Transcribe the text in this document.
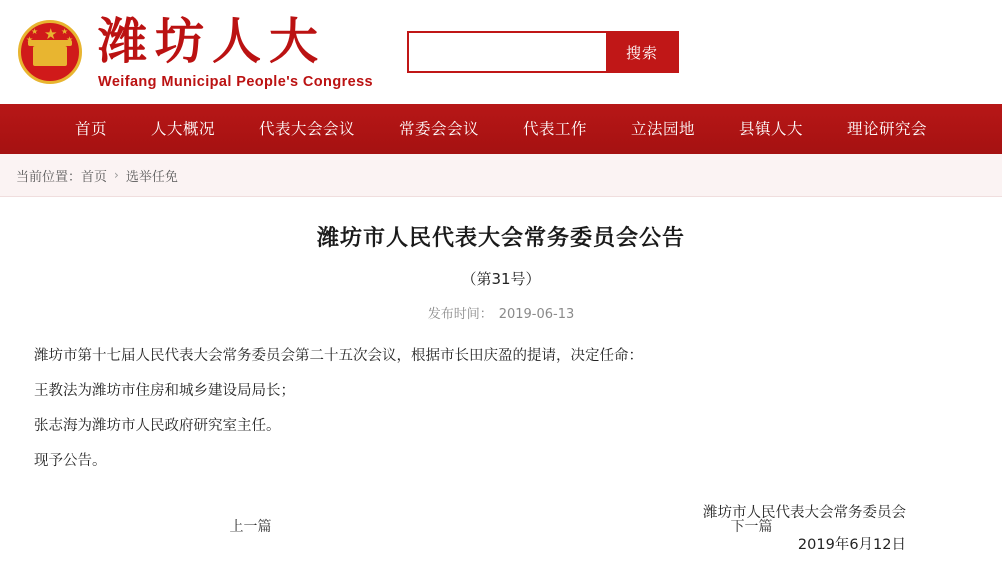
★
★
★
★
★ 潍坊人大
Weifang Municipal People's Congress
搜索
首页	人大概况	代表大会会议	常委会会议	代表工作	立法园地	县镇人大	理论研究会
当前位置： 首页 › 选举任免
潍坊市人民代表大会常务委员会公告
（第31号）
发布时间： 2019-06-13

潍坊市第十七届人民代表大会常务委员会第二十五次会议，根据市长田庆盈的提请，决定任命：

王教法为潍坊市住房和城乡建设局局长；

张志海为潍坊市人民政府研究室主任。

现予公告。

潍坊市人民代表大会常务委员会
2019年6月12日
上一篇	下一篇
